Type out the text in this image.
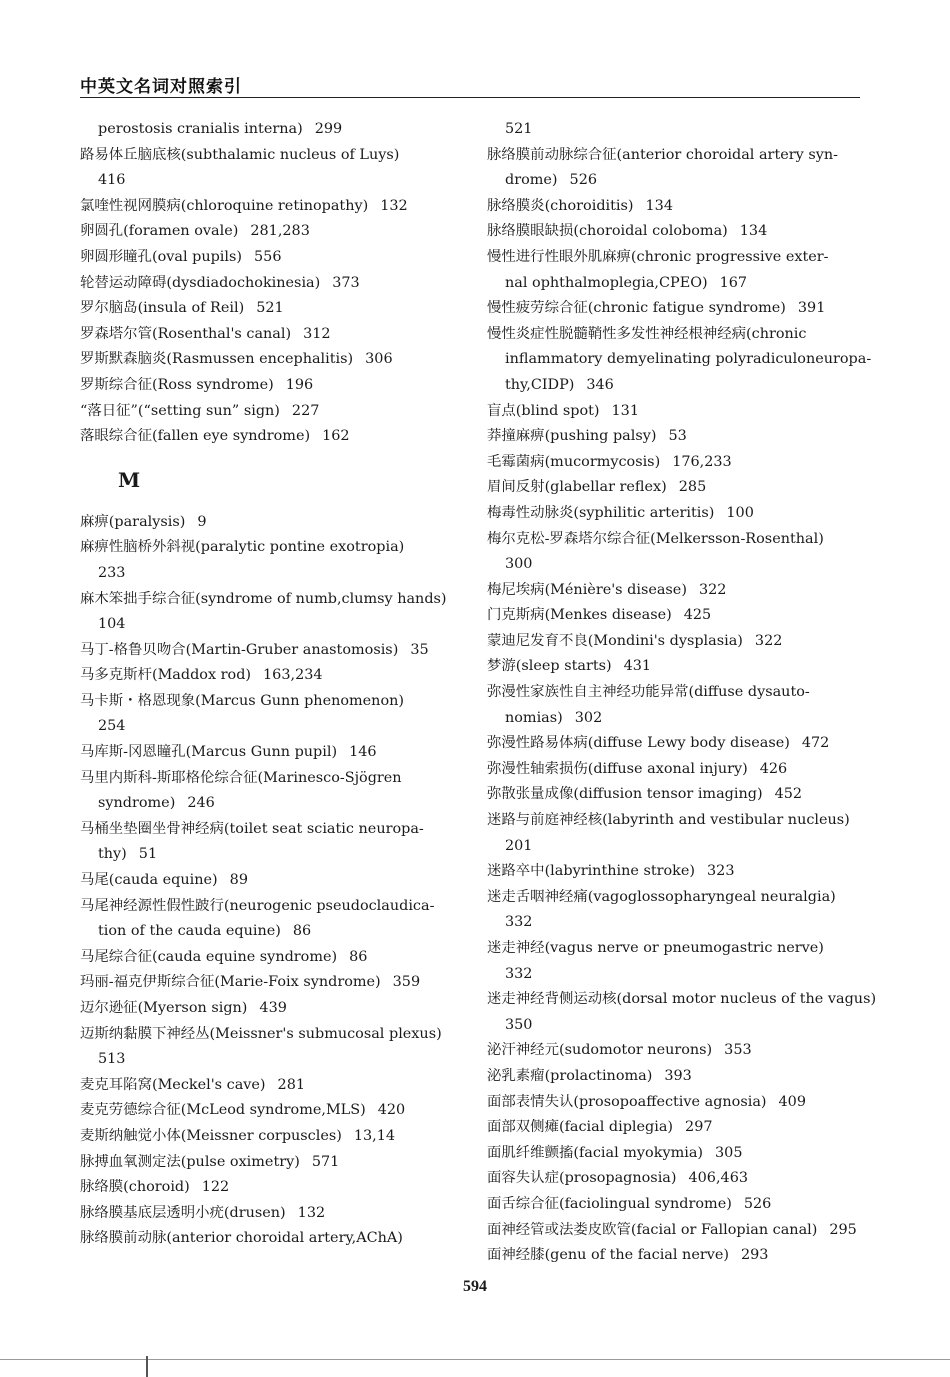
中英文名词对照索引
perostosis cranialis interna) 299
路易体丘脑底核(subthalamic nucleus of Luys)
416
氯喹性视网膜病(chloroquine retinopathy) 132
卵圆孔(foramen ovale) 281,283
卵圆形瞳孔(oval pupils) 556
轮替运动障碍(dysdiadochokinesia) 373
罗尔脑岛(insula of Reil) 521
罗森塔尔管(Rosenthal's canal) 312
罗斯默森脑炎(Rasmussen encephalitis) 306
罗斯综合征(Ross syndrome) 196
“落日征”(“setting sun” sign) 227
落眼综合征(fallen eye syndrome) 162
M
麻痹(paralysis) 9
麻痹性脑桥外斜视(paralytic pontine exotropia)
233
麻木笨拙手综合征(syndrome of numb,clumsy hands)
104
马丁-格鲁贝吻合(Martin-Gruber anastomosis) 35
马多克斯杆(Maddox rod) 163,234
马卡斯・格恩现象(Marcus Gunn phenomenon)
254
马库斯-冈恩瞳孔(Marcus Gunn pupil) 146
马里内斯科-斯耶格伦综合征(Marinesco-Sjögren
syndrome) 246
马桶坐垫圈坐骨神经病(toilet seat sciatic neuropa-
thy) 51
马尾(cauda equine) 89
马尾神经源性假性跛行(neurogenic pseudoclaudica-
tion of the cauda equine) 86
马尾综合征(cauda equine syndrome) 86
玛丽-福克伊斯综合征(Marie-Foix syndrome) 359
迈尔逊征(Myerson sign) 439
迈斯纳黏膜下神经丛(Meissner's submucosal plexus)
513
麦克耳陷窝(Meckel's cave) 281
麦克劳德综合征(McLeod syndrome,MLS) 420
麦斯纳触觉小体(Meissner corpuscles) 13,14
脉搏血氧测定法(pulse oximetry) 571
脉络膜(choroid) 122
脉络膜基底层透明小疣(drusen) 132
脉络膜前动脉(anterior choroidal artery,AChA)
521
脉络膜前动脉综合征(anterior choroidal artery syn-
drome) 526
脉络膜炎(choroiditis) 134
脉络膜眼缺损(choroidal coloboma) 134
慢性进行性眼外肌麻痹(chronic progressive exter-
nal ophthalmoplegia,CPEO) 167
慢性疲劳综合征(chronic fatigue syndrome) 391
慢性炎症性脱髓鞘性多发性神经根神经病(chronic
inflammatory demyelinating polyradiculoneuropa-
thy,CIDP) 346
盲点(blind spot) 131
莽撞麻痹(pushing palsy) 53
毛霉菌病(mucormycosis) 176,233
眉间反射(glabellar reflex) 285
梅毒性动脉炎(syphilitic arteritis) 100
梅尔克松-罗森塔尔综合征(Melkersson-Rosenthal)
300
梅尼埃病(Ménière's disease) 322
门克斯病(Menkes disease) 425
蒙迪尼发育不良(Mondini's dysplasia) 322
梦游(sleep starts) 431
弥漫性家族性自主神经功能异常(diffuse dysauto-
nomias) 302
弥漫性路易体病(diffuse Lewy body disease) 472
弥漫性轴索损伤(diffuse axonal injury) 426
弥散张量成像(diffusion tensor imaging) 452
迷路与前庭神经核(labyrinth and vestibular nucleus)
201
迷路卒中(labyrinthine stroke) 323
迷走舌咽神经痛(vagoglossopharyngeal neuralgia)
332
迷走神经(vagus nerve or pneumogastric nerve)
332
迷走神经背侧运动核(dorsal motor nucleus of the vagus)
350
泌汗神经元(sudomotor neurons) 353
泌乳素瘤(prolactinoma) 393
面部表情失认(prosopoaffective agnosia) 409
面部双侧瘫(facial diplegia) 297
面肌纤维颤搐(facial myokymia) 305
面容失认症(prosopagnosia) 406,463
面舌综合征(faciolingual syndrome) 526
面神经管或法娄皮欧管(facial or Fallopian canal) 295
面神经膝(genu of the facial nerve) 293
594
